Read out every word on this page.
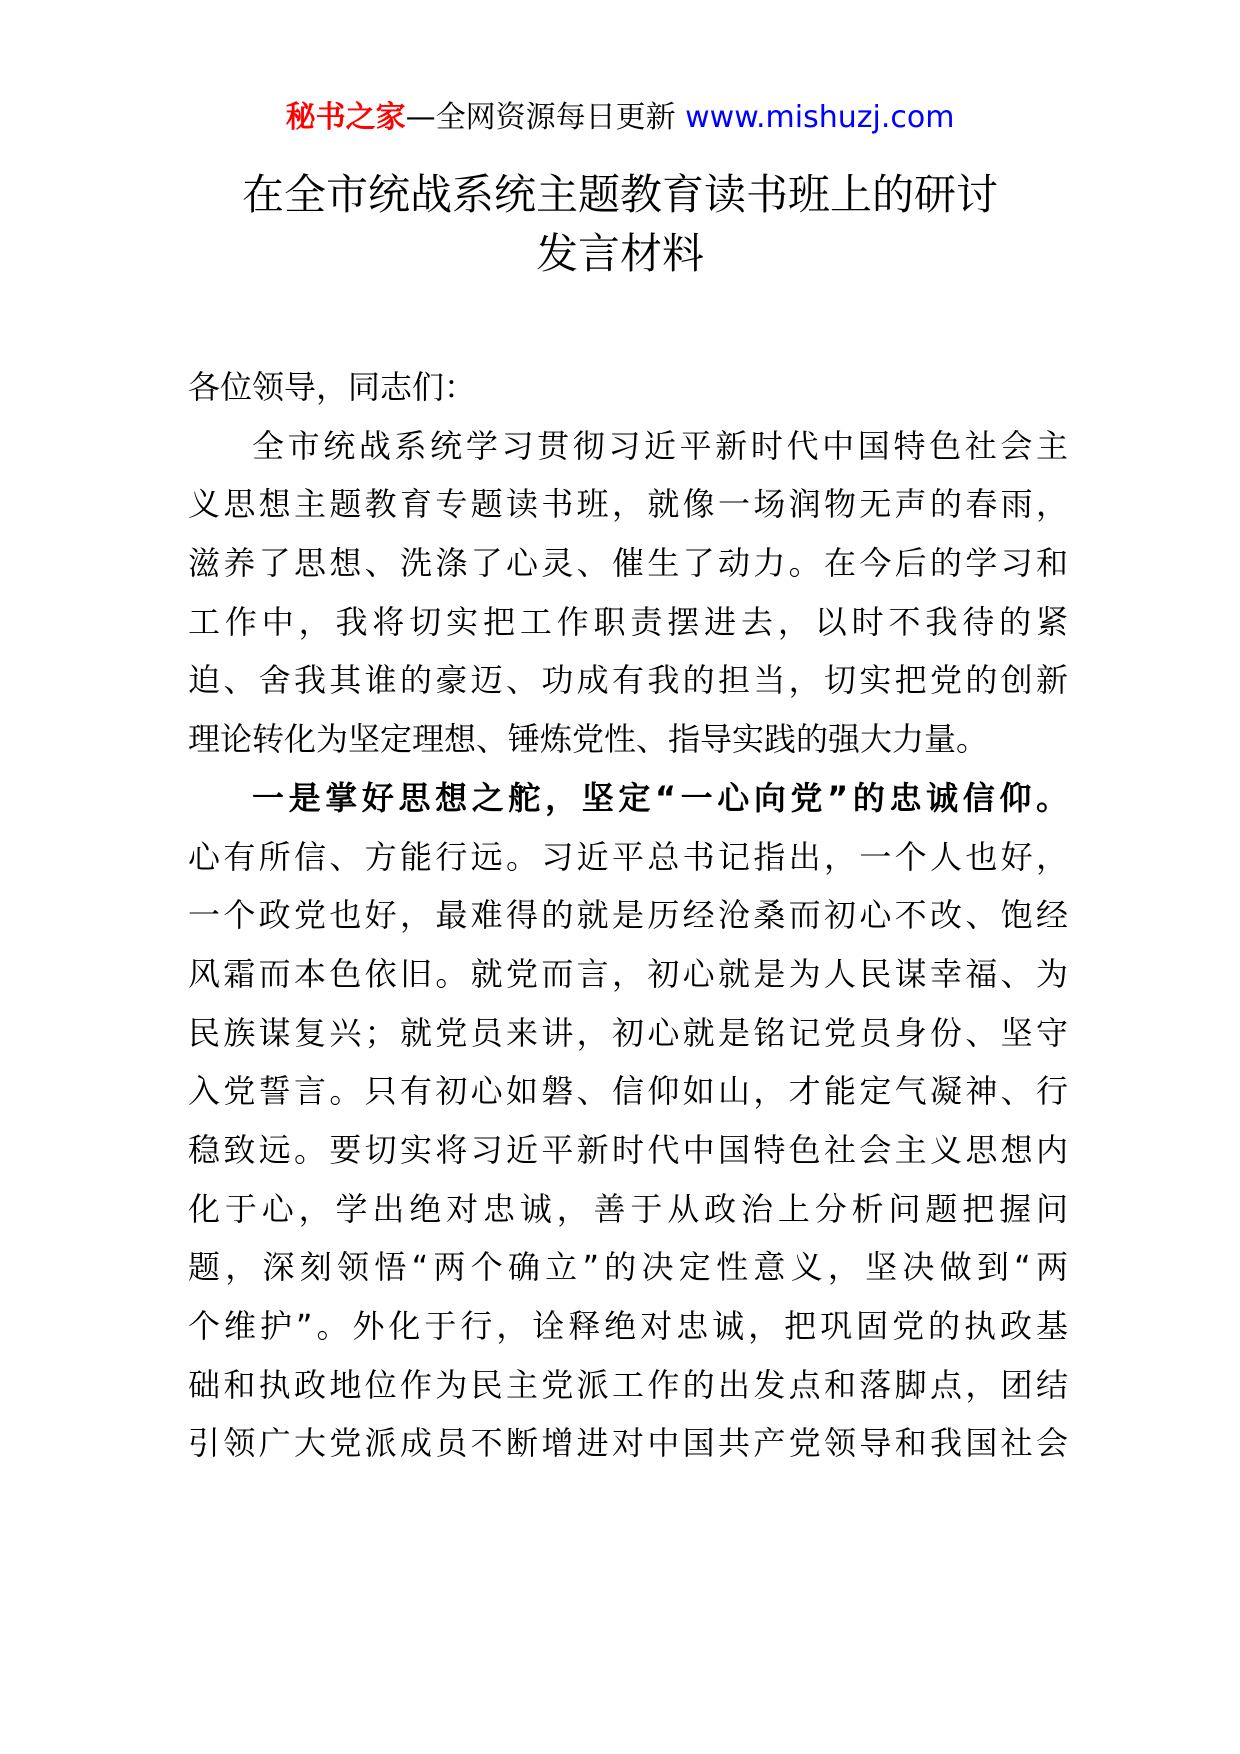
秘书之家—全网资源每日更新 www.mishuzj.com
在全市统战系统主题教育读书班上的研讨
发言材料
各位领导，同志们：
全市统战系统学习贯彻习近平新时代中国特色社会主
义思想主题教育专题读书班，就像一场润物无声的春雨，
滋养了思想、洗涤了心灵、催生了动力。在今后的学习和
工作中，我将切实把工作职责摆进去，以时不我待的紧
迫、舍我其谁的豪迈、功成有我的担当，切实把党的创新
理论转化为坚定理想、锤炼党性、指导实践的强大力量。
一是掌好思想之舵，坚定“一心向党”的忠诚信仰。
心有所信、方能行远。习近平总书记指出，一个人也好，
一个政党也好，最难得的就是历经沧桑而初心不改、饱经
风霜而本色依旧。就党而言，初心就是为人民谋幸福、为
民族谋复兴；就党员来讲，初心就是铭记党员身份、坚守
入党誓言。只有初心如磐、信仰如山，才能定气凝神、行
稳致远。要切实将习近平新时代中国特色社会主义思想内
化于心，学出绝对忠诚，善于从政治上分析问题把握问
题，深刻领悟“两个确立”的决定性意义，坚决做到“两
个维护”。外化于行，诠释绝对忠诚，把巩固党的执政基
础和执政地位作为民主党派工作的出发点和落脚点，团结
引领广大党派成员不断增进对中国共产党领导和我国社会
